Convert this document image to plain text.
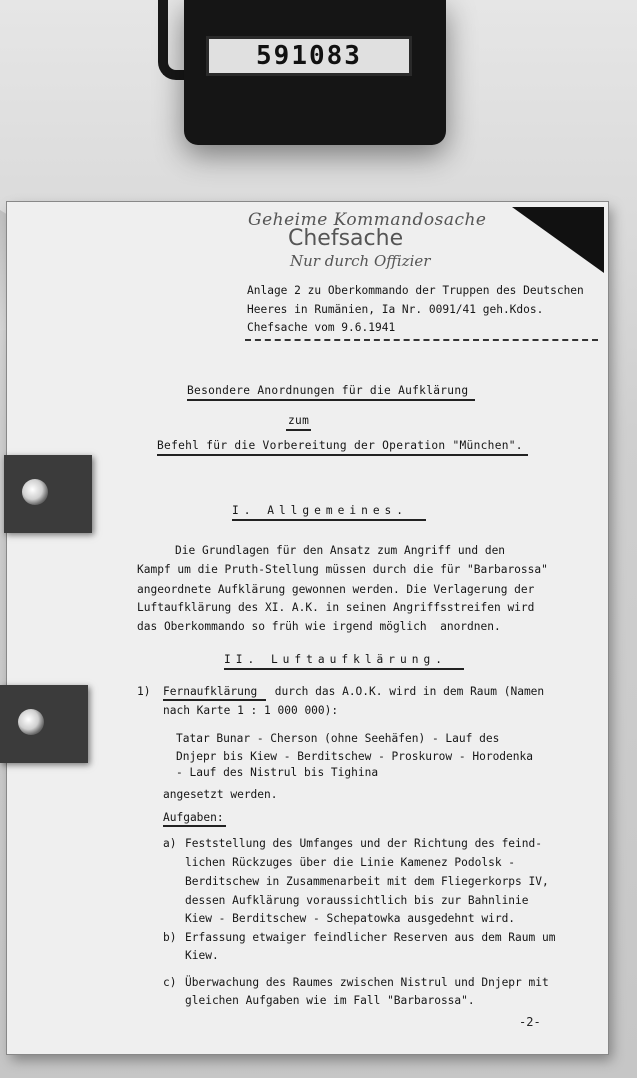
591083
Geheime Kommandosache
Chefsache
Nur durch Offizier
Anlage 2 zu Oberkommando der Truppen des Deutschen
Heeres in Rumänien, Ia Nr. 0091/41 geh.Kdos.
Chefsache vom 9.6.1941
Besondere Anordnungen für die Aufklärung
zum
Befehl für die Vorbereitung der Operation "München".
I. Allgemeines.
Die Grundlagen für den Ansatz zum Angriff und den
Kampf um die Pruth-Stellung müssen durch die für "Barbarossa"
angeordnete Aufklärung gewonnen werden. Die Verlagerung der
Luftaufklärung des XI. A.K. in seinen Angriffsstreifen wird
das Oberkommando so früh wie irgend möglich  anordnen.
II. Luftaufklärung.
1) Fernaufklärung durch das A.O.K. wird in dem Raum (Namen
nach Karte 1 : 1 000 000):
Tatar Bunar - Cherson (ohne Seehäfen) - Lauf des
Dnjepr bis Kiew - Berditschew - Proskurow - Horodenka
- Lauf des Nistrul bis Tighina
angesetzt werden.
Aufgaben:
a) Feststellung des Umfanges und der Richtung des feind-
lichen Rückzuges über die Linie Kamenez Podolsk -
Berditschew in Zusammenarbeit mit dem Fliegerkorps IV,
dessen Aufklärung voraussichtlich bis zur Bahnlinie
Kiew - Berditschew - Schepatowka ausgedehnt wird.
b) Erfassung etwaiger feindlicher Reserven aus dem Raum um
Kiew.
c) Überwachung des Raumes zwischen Nistrul und Dnjepr mit
gleichen Aufgaben wie im Fall "Barbarossa".
-2-
